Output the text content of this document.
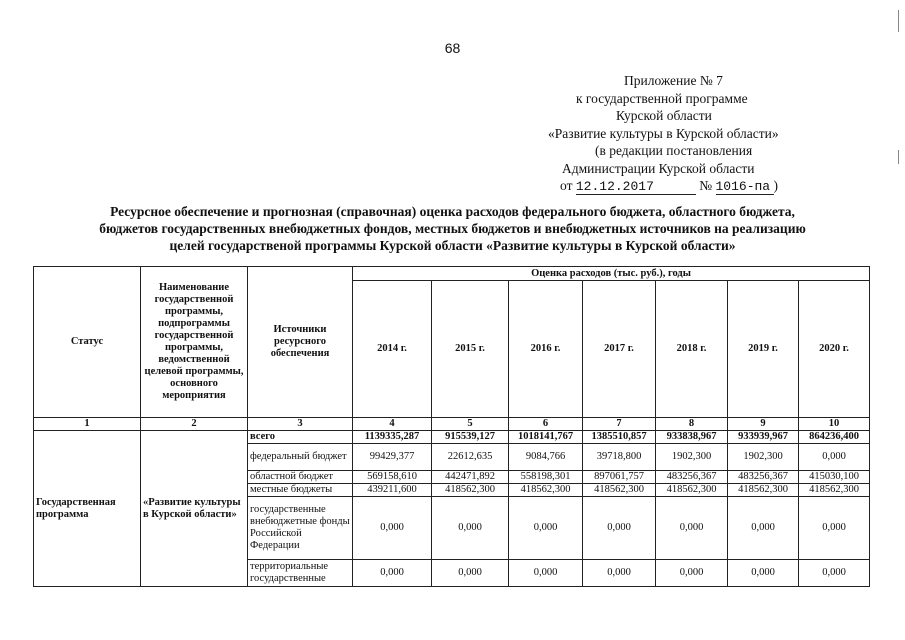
68
Приложение № 7
к государственной программе
Курской области
«Развитие культуры в Курской области»
(в редакции постановления
Администрации Курской области
от 12.12.2017	№ 1016-па )
Ресурсное обеспечение и прогнозная (справочная) оценка расходов федерального бюджета, областного бюджета,
бюджетов государственных внебюджетных фондов, местных бюджетов и внебюджетных источников на реализацию
целей государственой программы Курской области «Развитие культуры в Курской области»
Статус	Наименование государственной программы, подпрограммы государственной программы, ведомственной целевой программы, основного мероприятия	Источники ресурсного обеспечения	Оценка расходов (тыс. руб.), годы						
			2014 г.	2015 г.	2016 г.	2017 г.	2018 г.	2019 г.	2020 г.
1	2	3	4	5	6	7	8	9	10
Государственная программа	«Развитие культуры в Курской области»	всего	1139335,287	915539,127	1018141,767	1385510,857	933838,967	933939,967	864236,400
		федеральный бюджет	99429,377	22612,635	9084,766	39718,800	1902,300	1902,300	0,000
		областной бюджет	569158,610	442471,892	558198,301	897061,757	483256,367	483256,367	415030,100
		местные бюджеты	439211,600	418562,300	418562,300	418562,300	418562,300	418562,300	418562,300
		государственные внебюджетные фонды Российской Федерации	0,000	0,000	0,000	0,000	0,000	0,000	0,000
		территориальные государственные	0,000	0,000	0,000	0,000	0,000	0,000	0,000
